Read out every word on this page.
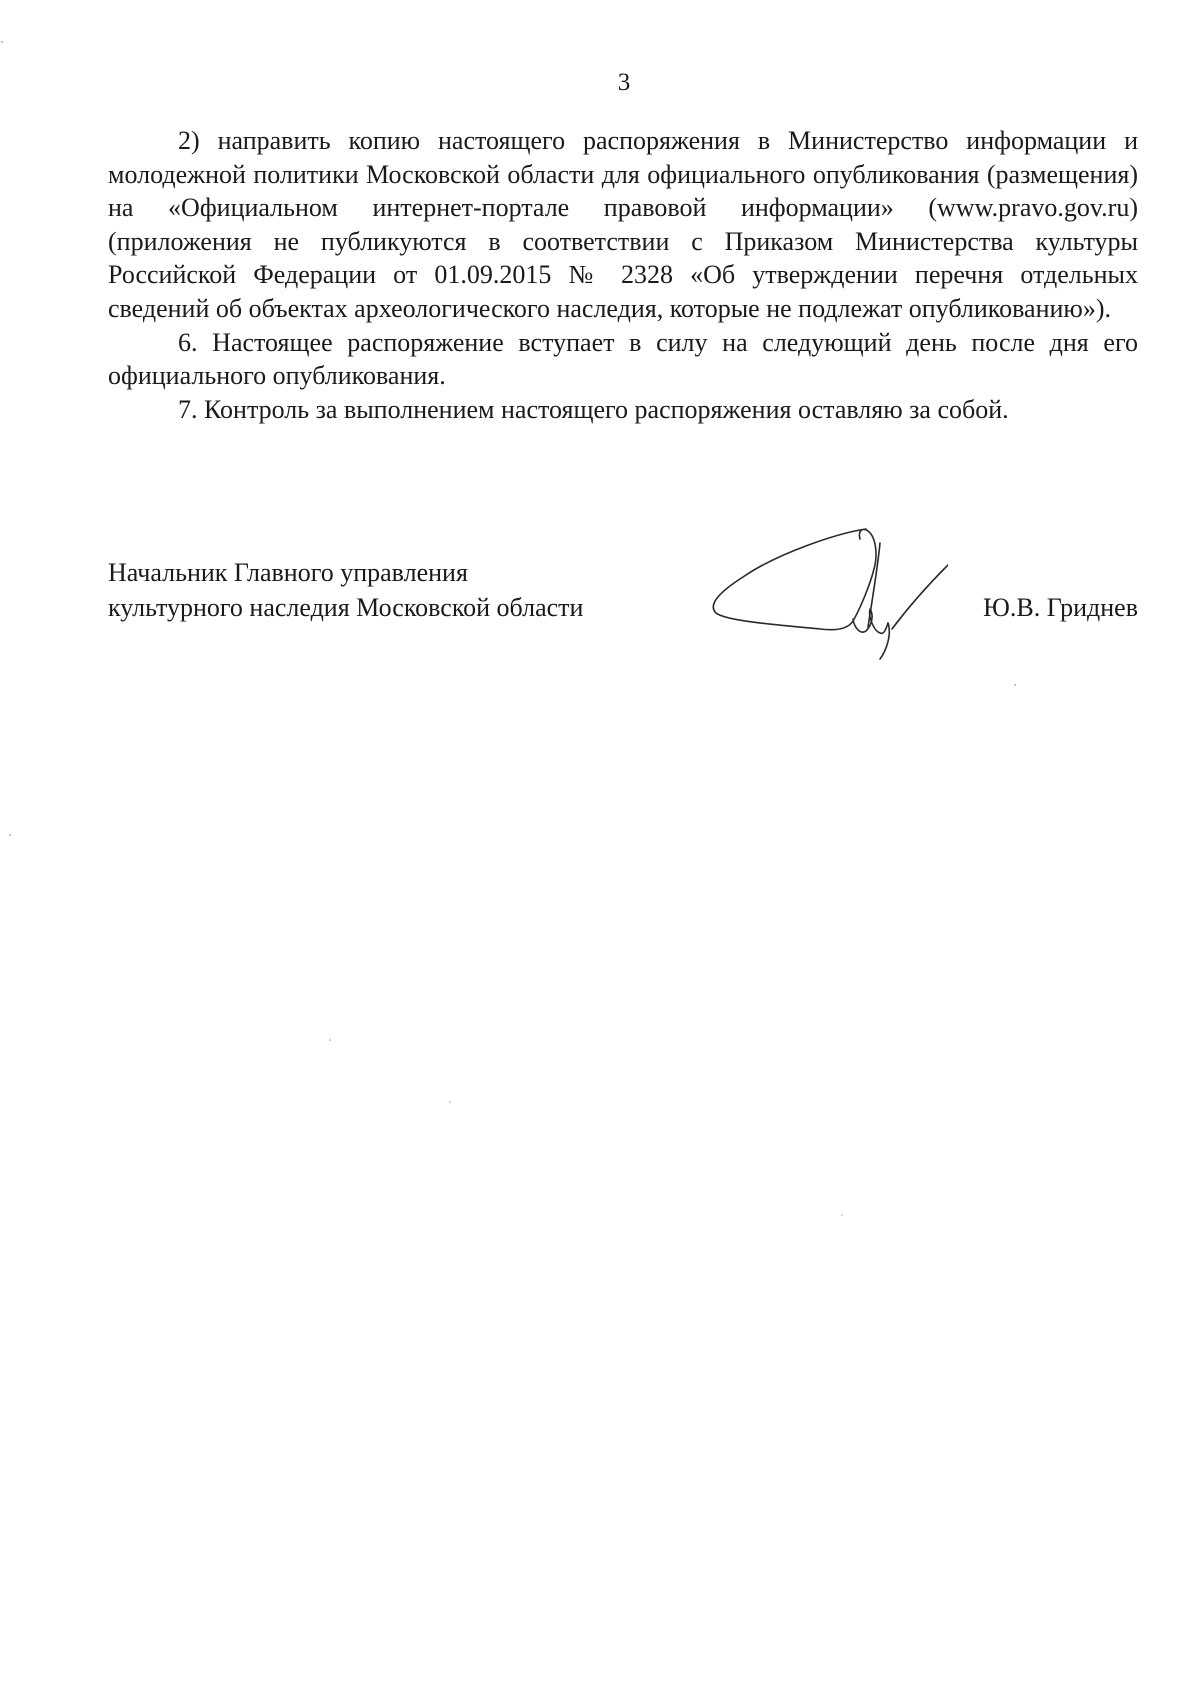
3

2) направить копию настоящего распоряжения в Министерство информации и молодежной политики Московской области для официального опубликования (размещения) на «Официальном интернет-портале правовой информации» (www.pravo.gov.ru) (приложения не публикуются в соответствии с Приказом Министерства культуры Российской Федерации от 01.09.2015 № 2328 «Об утверждении перечня отдельных сведений об объектах археологического наследия, которые не подлежат опубликованию»).

6. Настоящее распоряжение вступает в силу на следующий день после дня его официального опубликования.

7. Контроль за выполнением настоящего распоряжения оставляю за собой.

Начальник Главного управления
культурного наследия Московской области	Ю.В. Гриднев
